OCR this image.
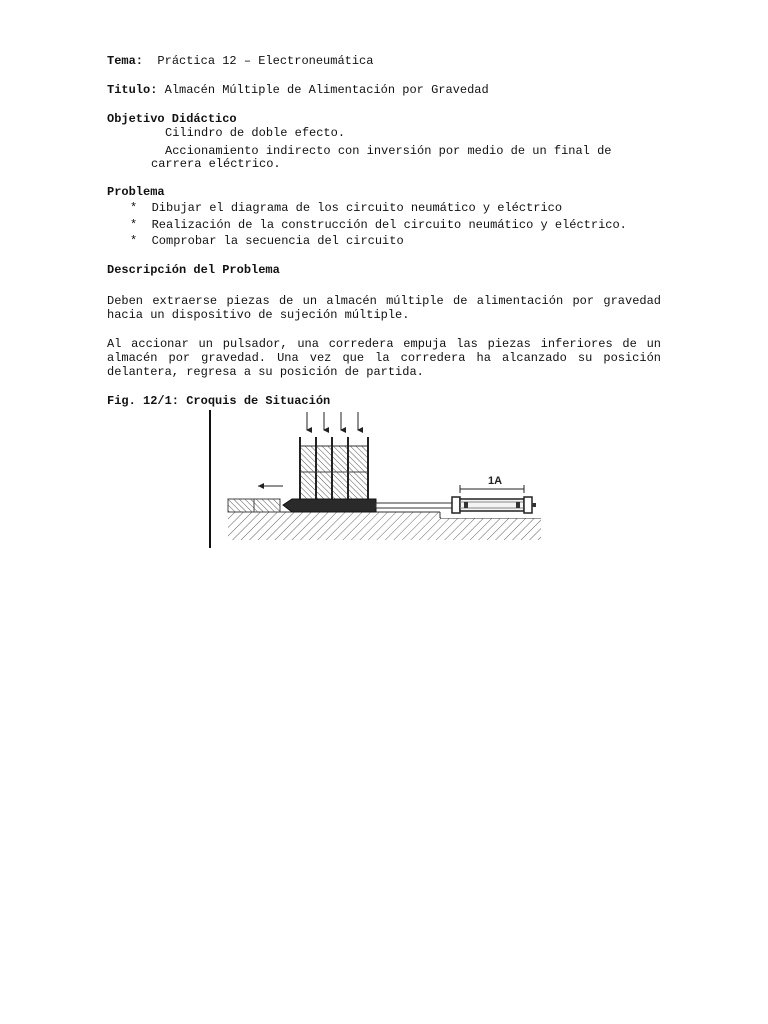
Tema: Práctica 12 – Electroneumática
Titulo: Almacén Múltiple de Alimentación por Gravedad
Objetivo Didáctico
Cilindro de doble efecto.
Accionamiento indirecto con inversión por medio de un final de
carrera eléctrico.
Problema
* Dibujar el diagrama de los circuito neumático y eléctrico
* Realización de la construcción del circuito neumático y eléctrico.
* Comprobar la secuencia del circuito
Descripción del Problema
Deben extraerse piezas de un almacén múltiple de alimentación por gravedad hacia un dispositivo de sujeción múltiple.
Al accionar un pulsador, una corredera empuja las piezas inferiores de un almacén por gravedad. Una vez que la corredera ha alcanzado su posición delantera, regresa a su posición de partida.
Fig. 12/1: Croquis de Situación
1A
